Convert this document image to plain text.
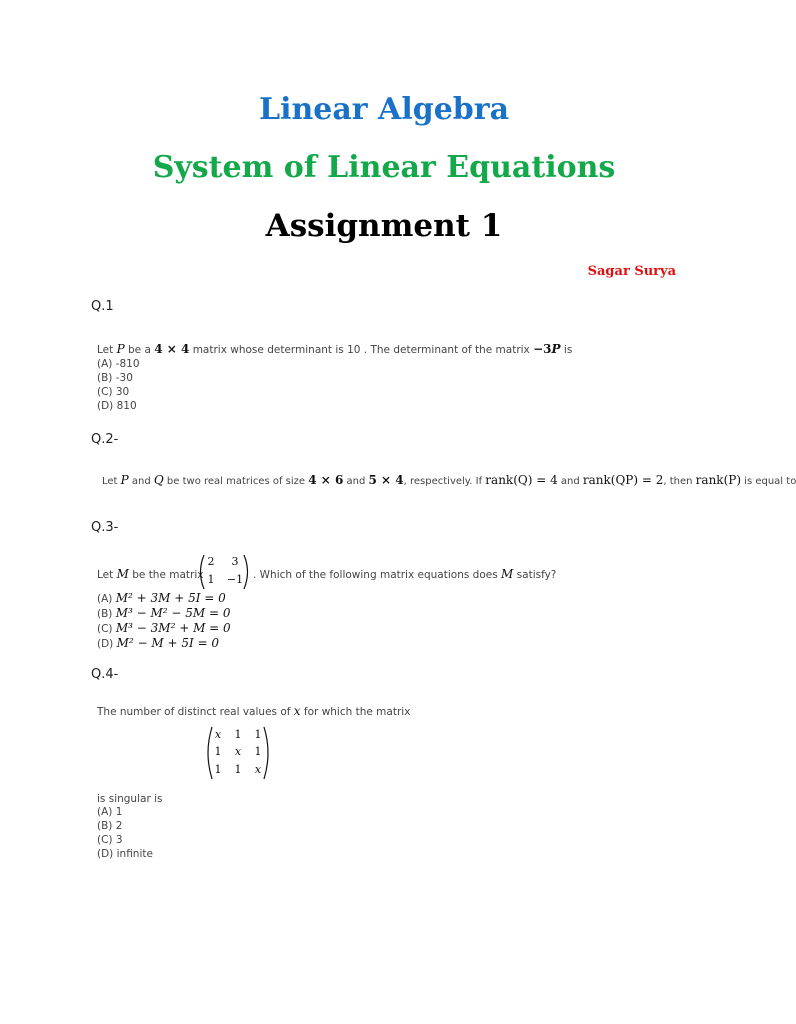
Linear Algebra
System of Linear Equations
Assignment 1
Sagar Surya
Q.1
Let P be a 4 × 4 matrix whose determinant is 10 . The determinant of the matrix −3P is
(A) -810
(B) -30
(C) 30
(D) 810
Q.2-
Let P and Q be two real matrices of size 4 × 6 and 5 × 4, respectively. If rank(Q) = 4 and rank(QP) = 2, then rank(P) is equal to
Q.3-
Let M be the matrix
2	3
1	−1 . Which of the following matrix equations does M satisfy?
(A) M² + 3M + 5I = 0
(B) M³ − M² − 5M = 0
(C) M³ − 3M² + M = 0
(D) M² − M + 5I = 0
Q.4-
The number of distinct real values of x for which the matrix
x	1	1
1	x	1
1	1	x
is singular is
(A) 1
(B) 2
(C) 3
(D) infinite
